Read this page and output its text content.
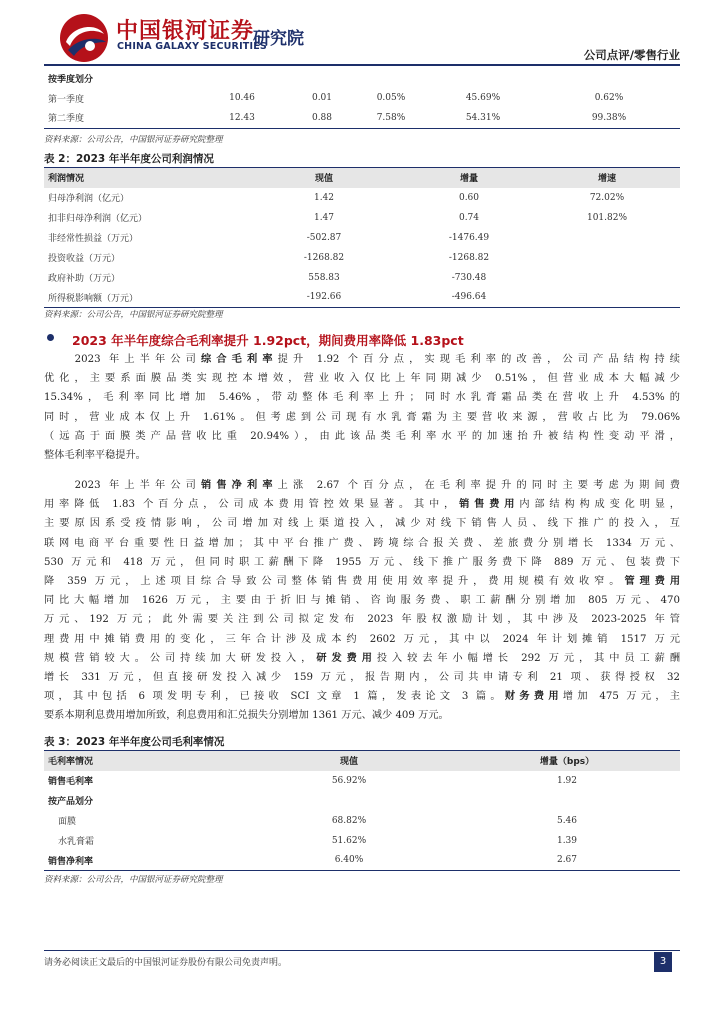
中国银河证券
CHINA GALAXY SECURITIES
研究院
公司点评/零售行业
按季度划分					
第一季度	10.46	0.01	0.05%	45.69%	0.62%
第二季度	12.43	0.88	7.58%	54.31%	99.38%
资料来源：公司公告，中国银河证券研究院整理
表 2：2023 年半年度公司利润情况
利润情况	现值	增量	增速
归母净利润（亿元）	1.42	0.60	72.02%
扣非归母净利润（亿元）	1.47	0.74	101.82%
非经常性损益（万元）	-502.87	-1476.49	
投资收益（万元）	-1268.82	-1268.82	
政府补助（万元）	558.83	-730.48	
所得税影响额（万元）	-192.66	-496.64	
资料来源：公司公告，中国银河证券研究院整理
2023 年半年度综合毛利率提升 1.92pct，期间费用率降低 1.83pct
　　2023 年上半年公司综合毛利率提升 1.92 个百分点，实现毛利率的改善，公司产品结构持续
优化，主要系面膜品类实现控本增效，营业收入仅比上年同期减少 0.51%，但营业成本大幅减少
15.34%，毛利率同比增加 5.46%，带动整体毛利率上升；同时水乳膏霜品类在营收上升 4.53%的
同时，营业成本仅上升 1.61%。但考虑到公司现有水乳膏霜为主要营收来源，营收占比为 79.06%
（远高于面膜类产品营收比重 20.94%），由此该品类毛利率水平的加速抬升被结构性变动平滑，
整体毛利率平稳提升。
　　2023 年上半年公司销售净利率上涨 2.67 个百分点，在毛利率提升的同时主要考虑为期间费
用率降低 1.83 个百分点，公司成本费用管控效果显著。其中，销售费用内部结构构成变化明显，
主要原因系受疫情影响，公司增加对线上渠道投入，减少对线下销售人员、线下推广的投入，互
联网电商平台重要性日益增加；其中平台推广费、跨境综合报关费、差旅费分别增长 1334 万元、
530 万元和 418 万元，但同时职工薪酬下降 1955 万元、线下推广服务费下降 889 万元、包装费下
降 359 万元，上述项目综合导致公司整体销售费用使用效率提升，费用规模有效收窄。管理费用
同比大幅增加 1626 万元，主要由于折旧与摊销、咨询服务费、职工薪酬分别增加 805 万元、470
万元、192 万元；此外需要关注到公司拟定发布 2023 年股权激励计划，其中涉及 2023-2025 年管
理费用中摊销费用的变化，三年合计涉及成本约 2602 万元，其中以 2024 年计划摊销 1517 万元
规模营销较大。公司持续加大研发投入，研发费用投入较去年小幅增长 292 万元，其中员工薪酬
增长 331 万元，但直接研发投入减少 159 万元，报告期内，公司共申请专利 21 项、获得授权 32
项，其中包括 6 项发明专利，已接收 SCI 文章 1 篇，发表论文 3 篇。财务费用增加 475 万元，主
要系本期利息费用增加所致，利息费用和汇兑损失分别增加 1361 万元、减少 409 万元。
表 3：2023 年半年度公司毛利率情况
毛利率情况	现值	增量（bps）
销售毛利率	56.92%	1.92
按产品划分		
面膜	68.82%	5.46
水乳膏霜	51.62%	1.39
销售净利率	6.40%	2.67
资料来源：公司公告，中国银河证券研究院整理
请务必阅读正文最后的中国银河证券股份有限公司免责声明。	3
